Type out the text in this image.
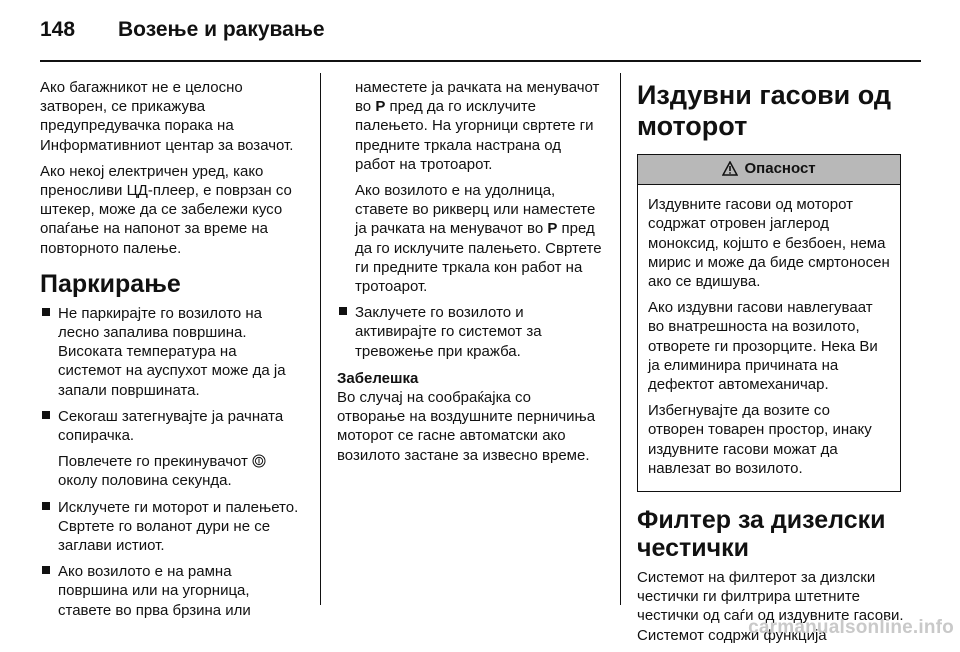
148 Возење и ракување

Ако багажникот не е целосно затворен, се прикажува предупредувачка порака на Информативниот центар за возачот.

Ако некој електричен уред, како преносливи ЦД-плеер, е поврзан со штекер, може да се забележи кусо опаѓање на напонот за време на повторното палење.

Паркирање

Не паркирајте го возилото на лесно запалива површина. Високата температура на системот на ауспухот може да ја запали површината.

Секогаш затегнувајте ја рачната сопирачка.

Повлечете го прекинувачот  околу половина секунда.

Исклучете ги моторот и палењето. Свртете го воланот дури не се заглави истиот.

Ако возилото е на рамна површина или на угорница, ставете во прва брзина или

наместете ја рачката на менувачот во P пред да го исклучите палењето. На угорници свртете ги предните тркала настрана од работ на тротоарот.

Ако возилото е на удолница, ставете во рикверц или наместете ја рачката на менувачот во P пред да го исклучите палењето. Свртете ги предните тркала кон работ на тротоарот.

Заклучете го возилото и активирајте го системот за тревожење при кражба.

Забелешка

Во случај на сообраќајка со отворање на воздушните перничиња моторот се гасне автоматски ако возилото застане за извесно време.

Издувни гасови од моторот
Опасност

Издувните гасови од моторот содржат отровен јаглерод моноксид, којшто е безбоен, нема мирис и може да биде смртоносен ако се вдишува.

Ако издувни гасови навлегуваат во внатрешноста на возилото, отворете ги прозорците. Нека Ви ја елиминира причината на дефектот автомеханичар.

Избегнувајте да возите со отворен товарен простор, инаку издувните гасови можат да навлезат во возилото.

Филтер за дизелски честички

Системот на филтерот за дизлски честички ги филтрира штетните честички од саѓи од издувните гасови. Системот содржи функција

carmanualsonline.info
